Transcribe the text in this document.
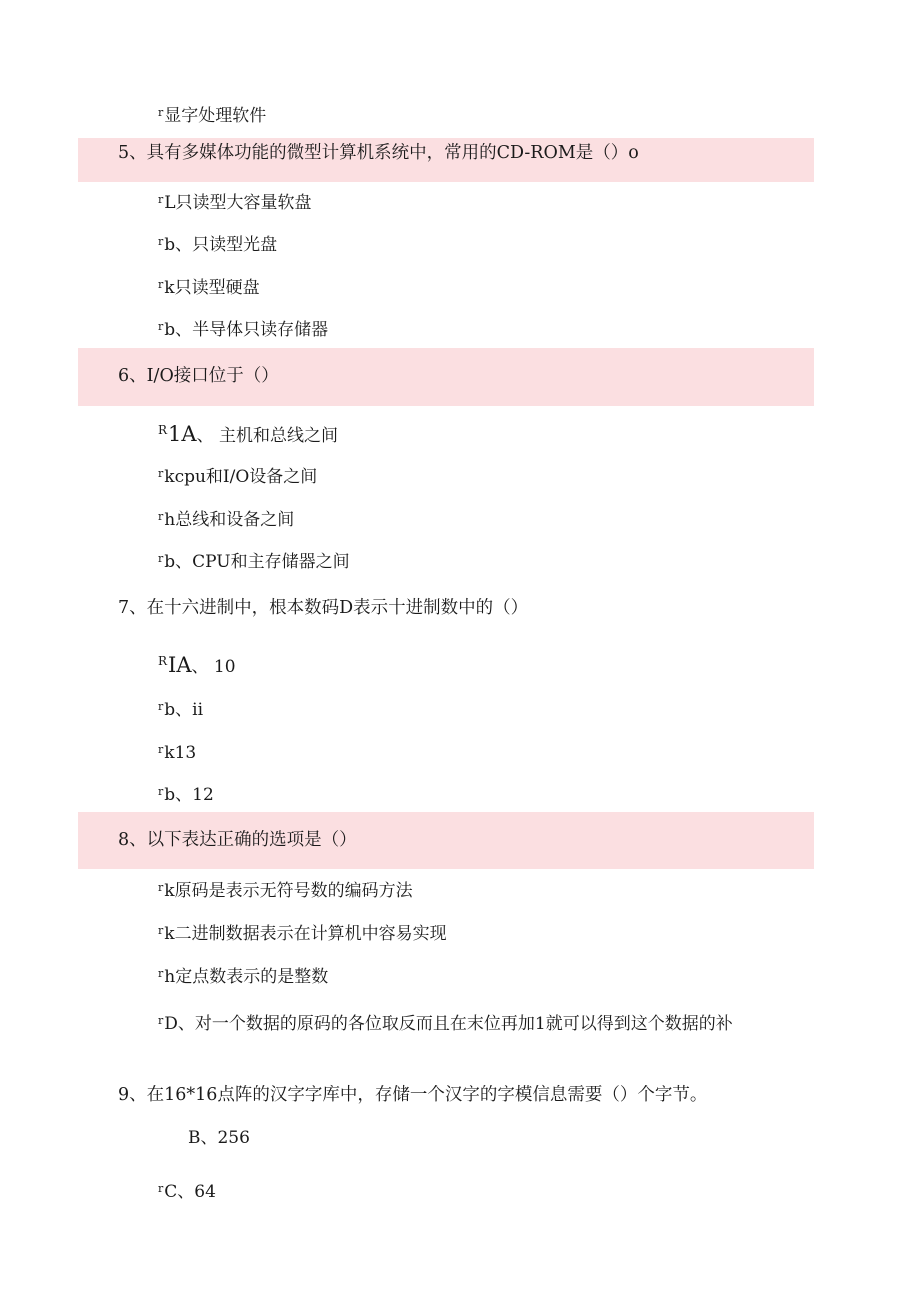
$^r$显字处理软件
5、具有多媒体功能的微型计算机系统中，常用的CD-ROM是（）o
$^r$L只读型大容量软盘
$^r$b、只读型光盘
$^r$k只读型硬盘
$^r$b、半导体只读存储器
6、I/O接口位于（）
$^R$1A、 主机和总线之间
$^r$kcpu和I/O设备之间
$^r$h总线和设备之间
$^r$b、CPU和主存储器之间
7、在十六进制中，根本数码D表示十进制数中的（）
$^R$IA、 10
$^r$b、ii
$^r$k13
$^r$b、12
8、以下表达正确的选项是（）
$^r$k原码是表示无符号数的编码方法
$^r$k二进制数据表示在计算机中容易实现
$^r$h定点数表示的是整数
$^r$D、对一个数据的原码的各位取反而且在末位再加1就可以得到这个数据的补
9、在16*16点阵的汉字字库中，存储一个汉字的字模信息需要（）个字节。
B、256
$^r$C、64
